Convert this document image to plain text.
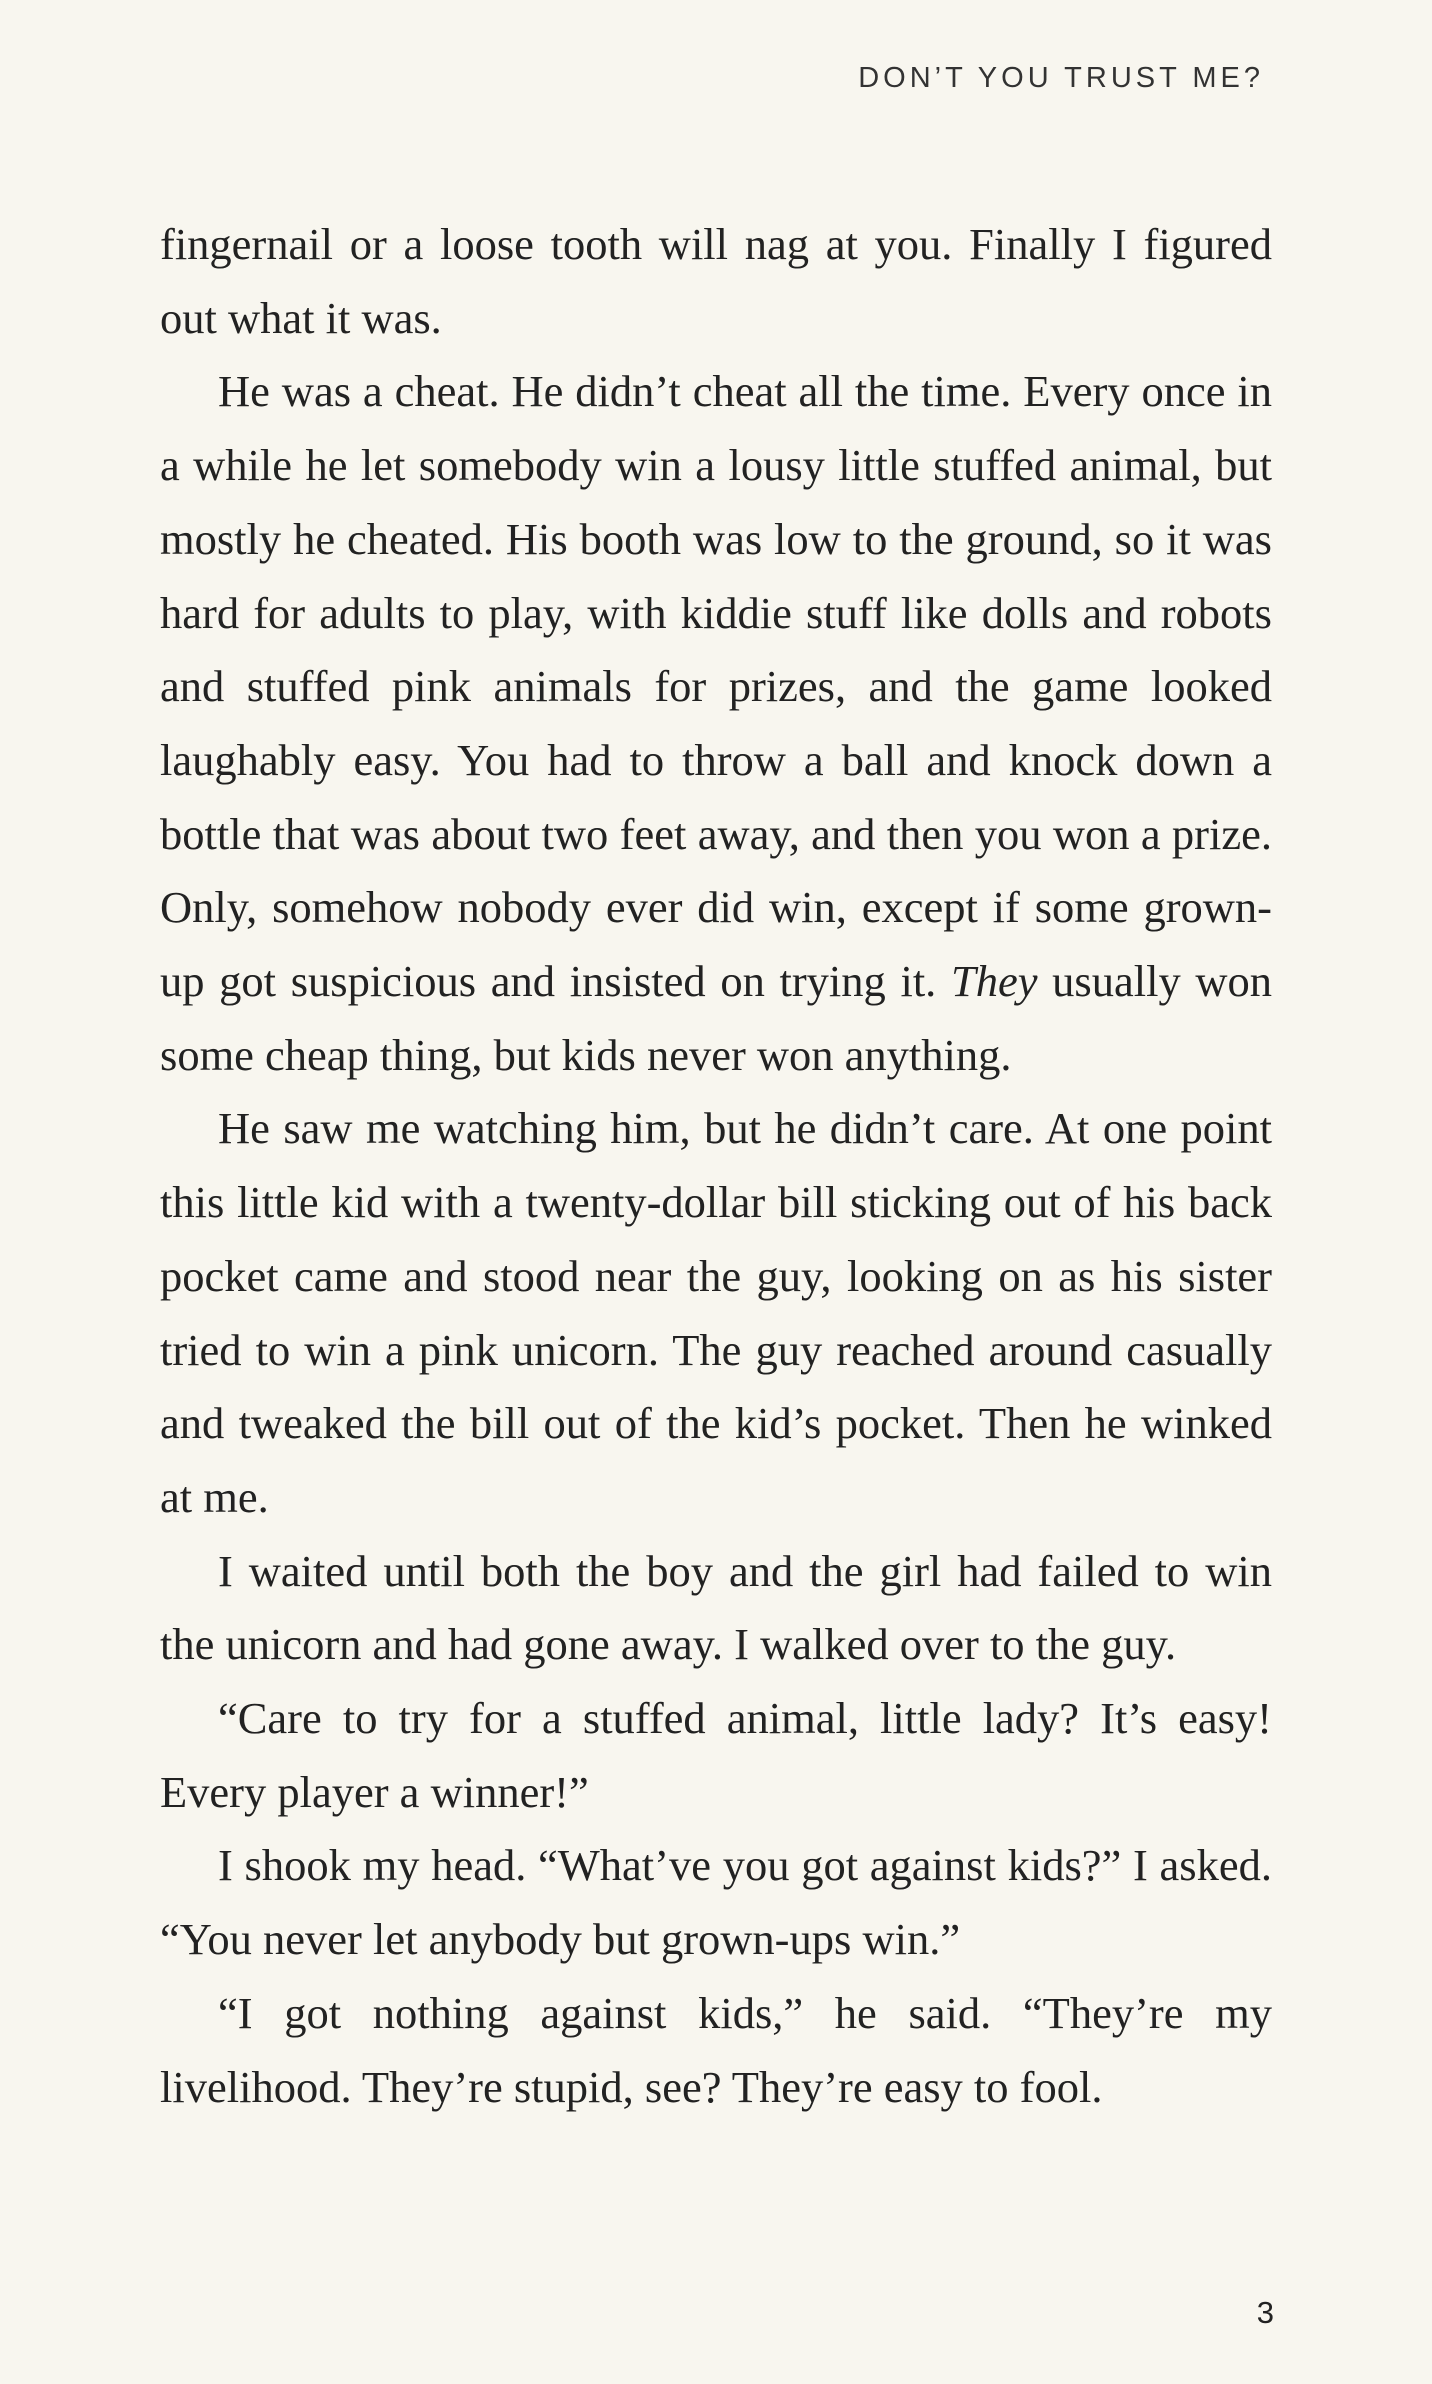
DON’T YOU TRUST ME?

fingernail or a loose tooth will nag at you. Finally I figured out what it was.

He was a cheat. He didn’t cheat all the time. Every once in a while he let somebody win a lousy little stuffed animal, but mostly he cheated. His booth was low to the ground, so it was hard for adults to play, with kiddie stuff like dolls and robots and stuffed pink animals for prizes, and the game looked laughably easy. You had to throw a ball and knock down a bottle that was about two feet away, and then you won a prize. Only, somehow nobody ever did win, except if some grown-up got suspicious and insisted on trying it. They usually won some cheap thing, but kids never won anything.

He saw me watching him, but he didn’t care. At one point this little kid with a twenty-dollar bill sticking out of his back pocket came and stood near the guy, looking on as his sister tried to win a pink unicorn. The guy reached around casually and tweaked the bill out of the kid’s pocket. Then he winked at me.

I waited until both the boy and the girl had failed to win the unicorn and had gone away. I walked over to the guy.

“Care to try for a stuffed animal, little lady? It’s easy! Every player a winner!”

I shook my head. “What’ve you got against kids?” I asked. “You never let anybody but grown-ups win.”

“I got nothing against kids,” he said. “They’re my livelihood. They’re stupid, see? They’re easy to fool.

3
